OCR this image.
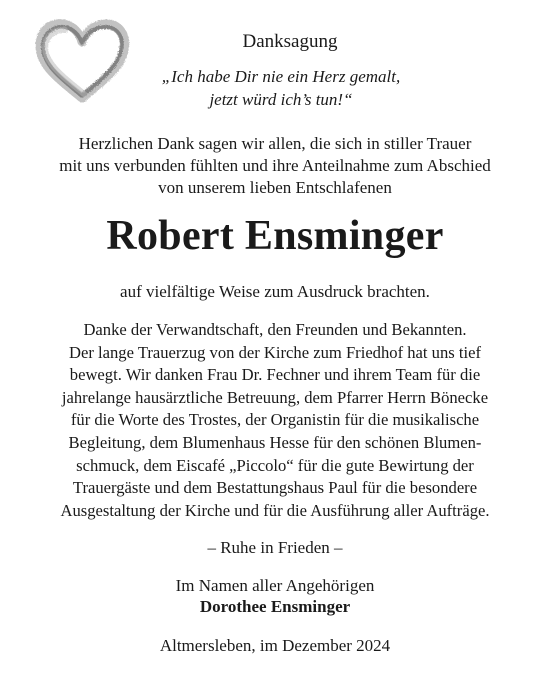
Danksagung
„Ich habe Dir nie ein Herz gemalt,
jetzt würd ich’s tun!“
Herzlichen Dank sagen wir allen, die sich in stiller Trauer
mit uns verbunden fühlten und ihre Anteilnahme zum Abschied
von unserem lieben Entschlafenen
Robert Ensminger
auf vielfältige Weise zum Ausdruck brachten.
Danke der Verwandtschaft, den Freunden und Bekannten.
Der lange Trauerzug von der Kirche zum Friedhof hat uns tief
bewegt. Wir danken Frau Dr. Fechner und ihrem Team für die
jahrelange hausärztliche Betreuung, dem Pfarrer Herrn Bönecke
für die Worte des Trostes, der Organistin für die musikalische
Begleitung, dem Blumenhaus Hesse für den schönen Blumen-
schmuck, dem Eiscafé „Piccolo“ für die gute Bewirtung der
Trauergäste und dem Bestattungshaus Paul für die besondere
Ausgestaltung der Kirche und für die Ausführung aller Aufträge.
– Ruhe in Frieden –
Im Namen aller Angehörigen
Dorothee Ensminger
Altmersleben, im Dezember 2024
